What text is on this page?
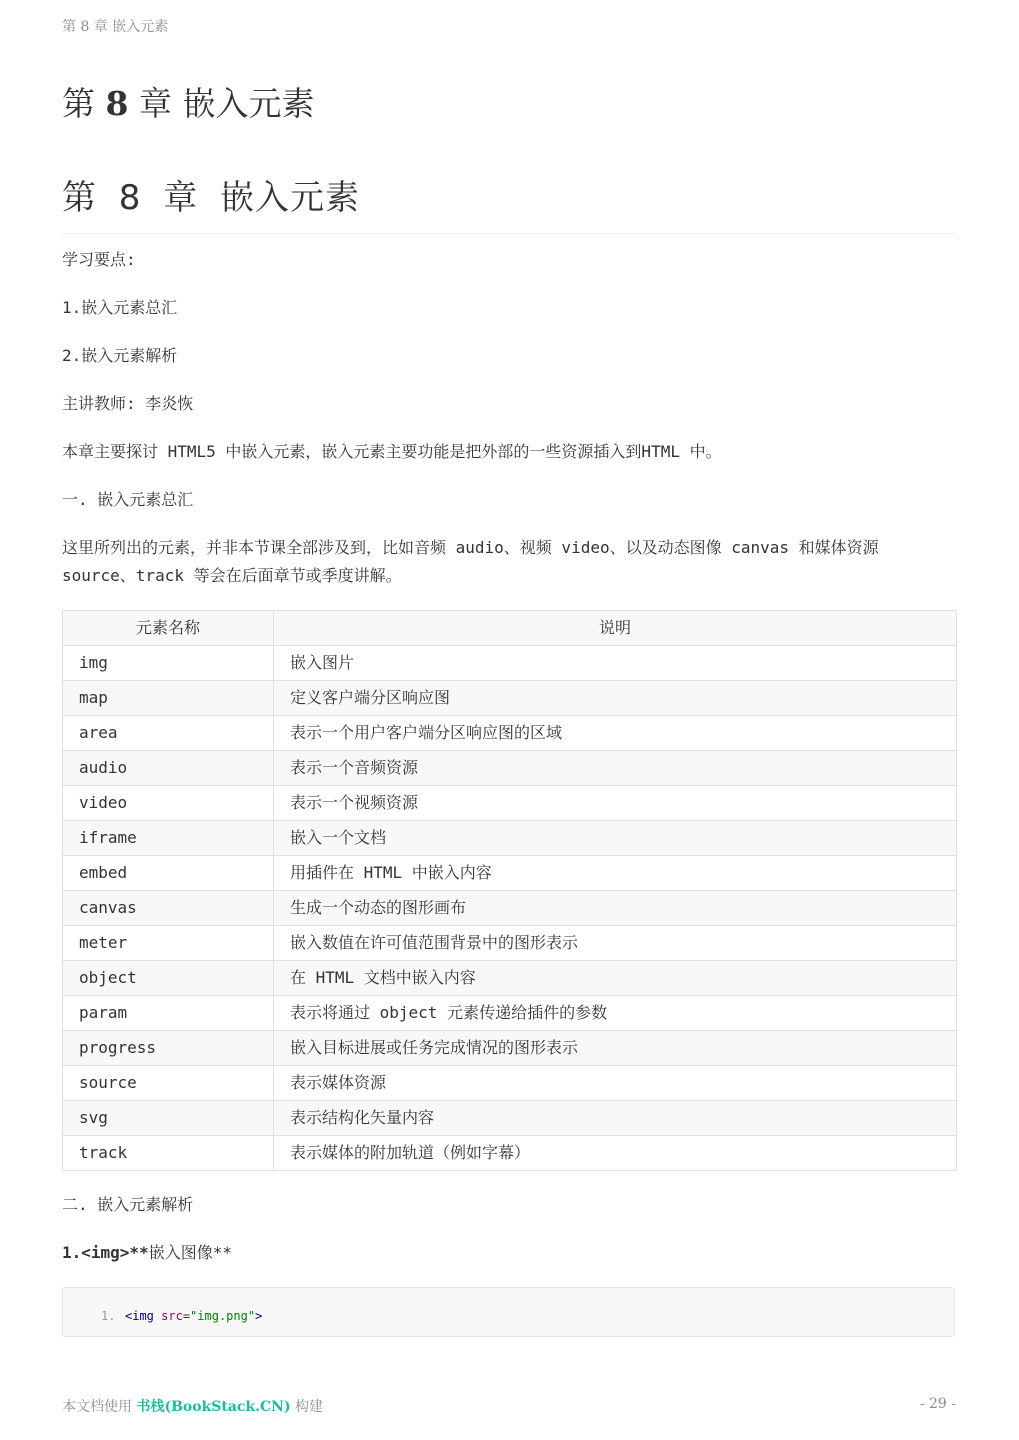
第 8 章 嵌入元素
第 8 章 嵌入元素
第 8 章 嵌入元素

学习要点:

1.嵌入元素总汇

2.嵌入元素解析

主讲教师: 李炎恢

本章主要探讨 HTML5 中嵌入元素，嵌入元素主要功能是把外部的一些资源插入到HTML 中。

一. 嵌入元素总汇

这里所列出的元素，并非本节课全部涉及到，比如音频 audio、视频 video、以及动态图像 canvas 和媒体资源 source、track 等会在后面章节或季度讲解。

元素名称	说明
img	嵌入图片
map	定义客户端分区响应图
area	表示一个用户客户端分区响应图的区域
audio	表示一个音频资源
video	表示一个视频资源
iframe	嵌入一个文档
embed	用插件在 HTML 中嵌入内容
canvas	生成一个动态的图形画布
meter	嵌入数值在许可值范围背景中的图形表示
object	在 HTML 文档中嵌入内容
param	表示将通过 object 元素传递给插件的参数
progress	嵌入目标进展或任务完成情况的图形表示
source	表示媒体资源
svg	表示结构化矢量内容
track	表示媒体的附加轨道（例如字幕）

二. 嵌入元素解析

1.<img>**嵌入图像**

1. <img src="img.png">
本文档使用 书栈(BookStack.CN) 构建	- 29 -
